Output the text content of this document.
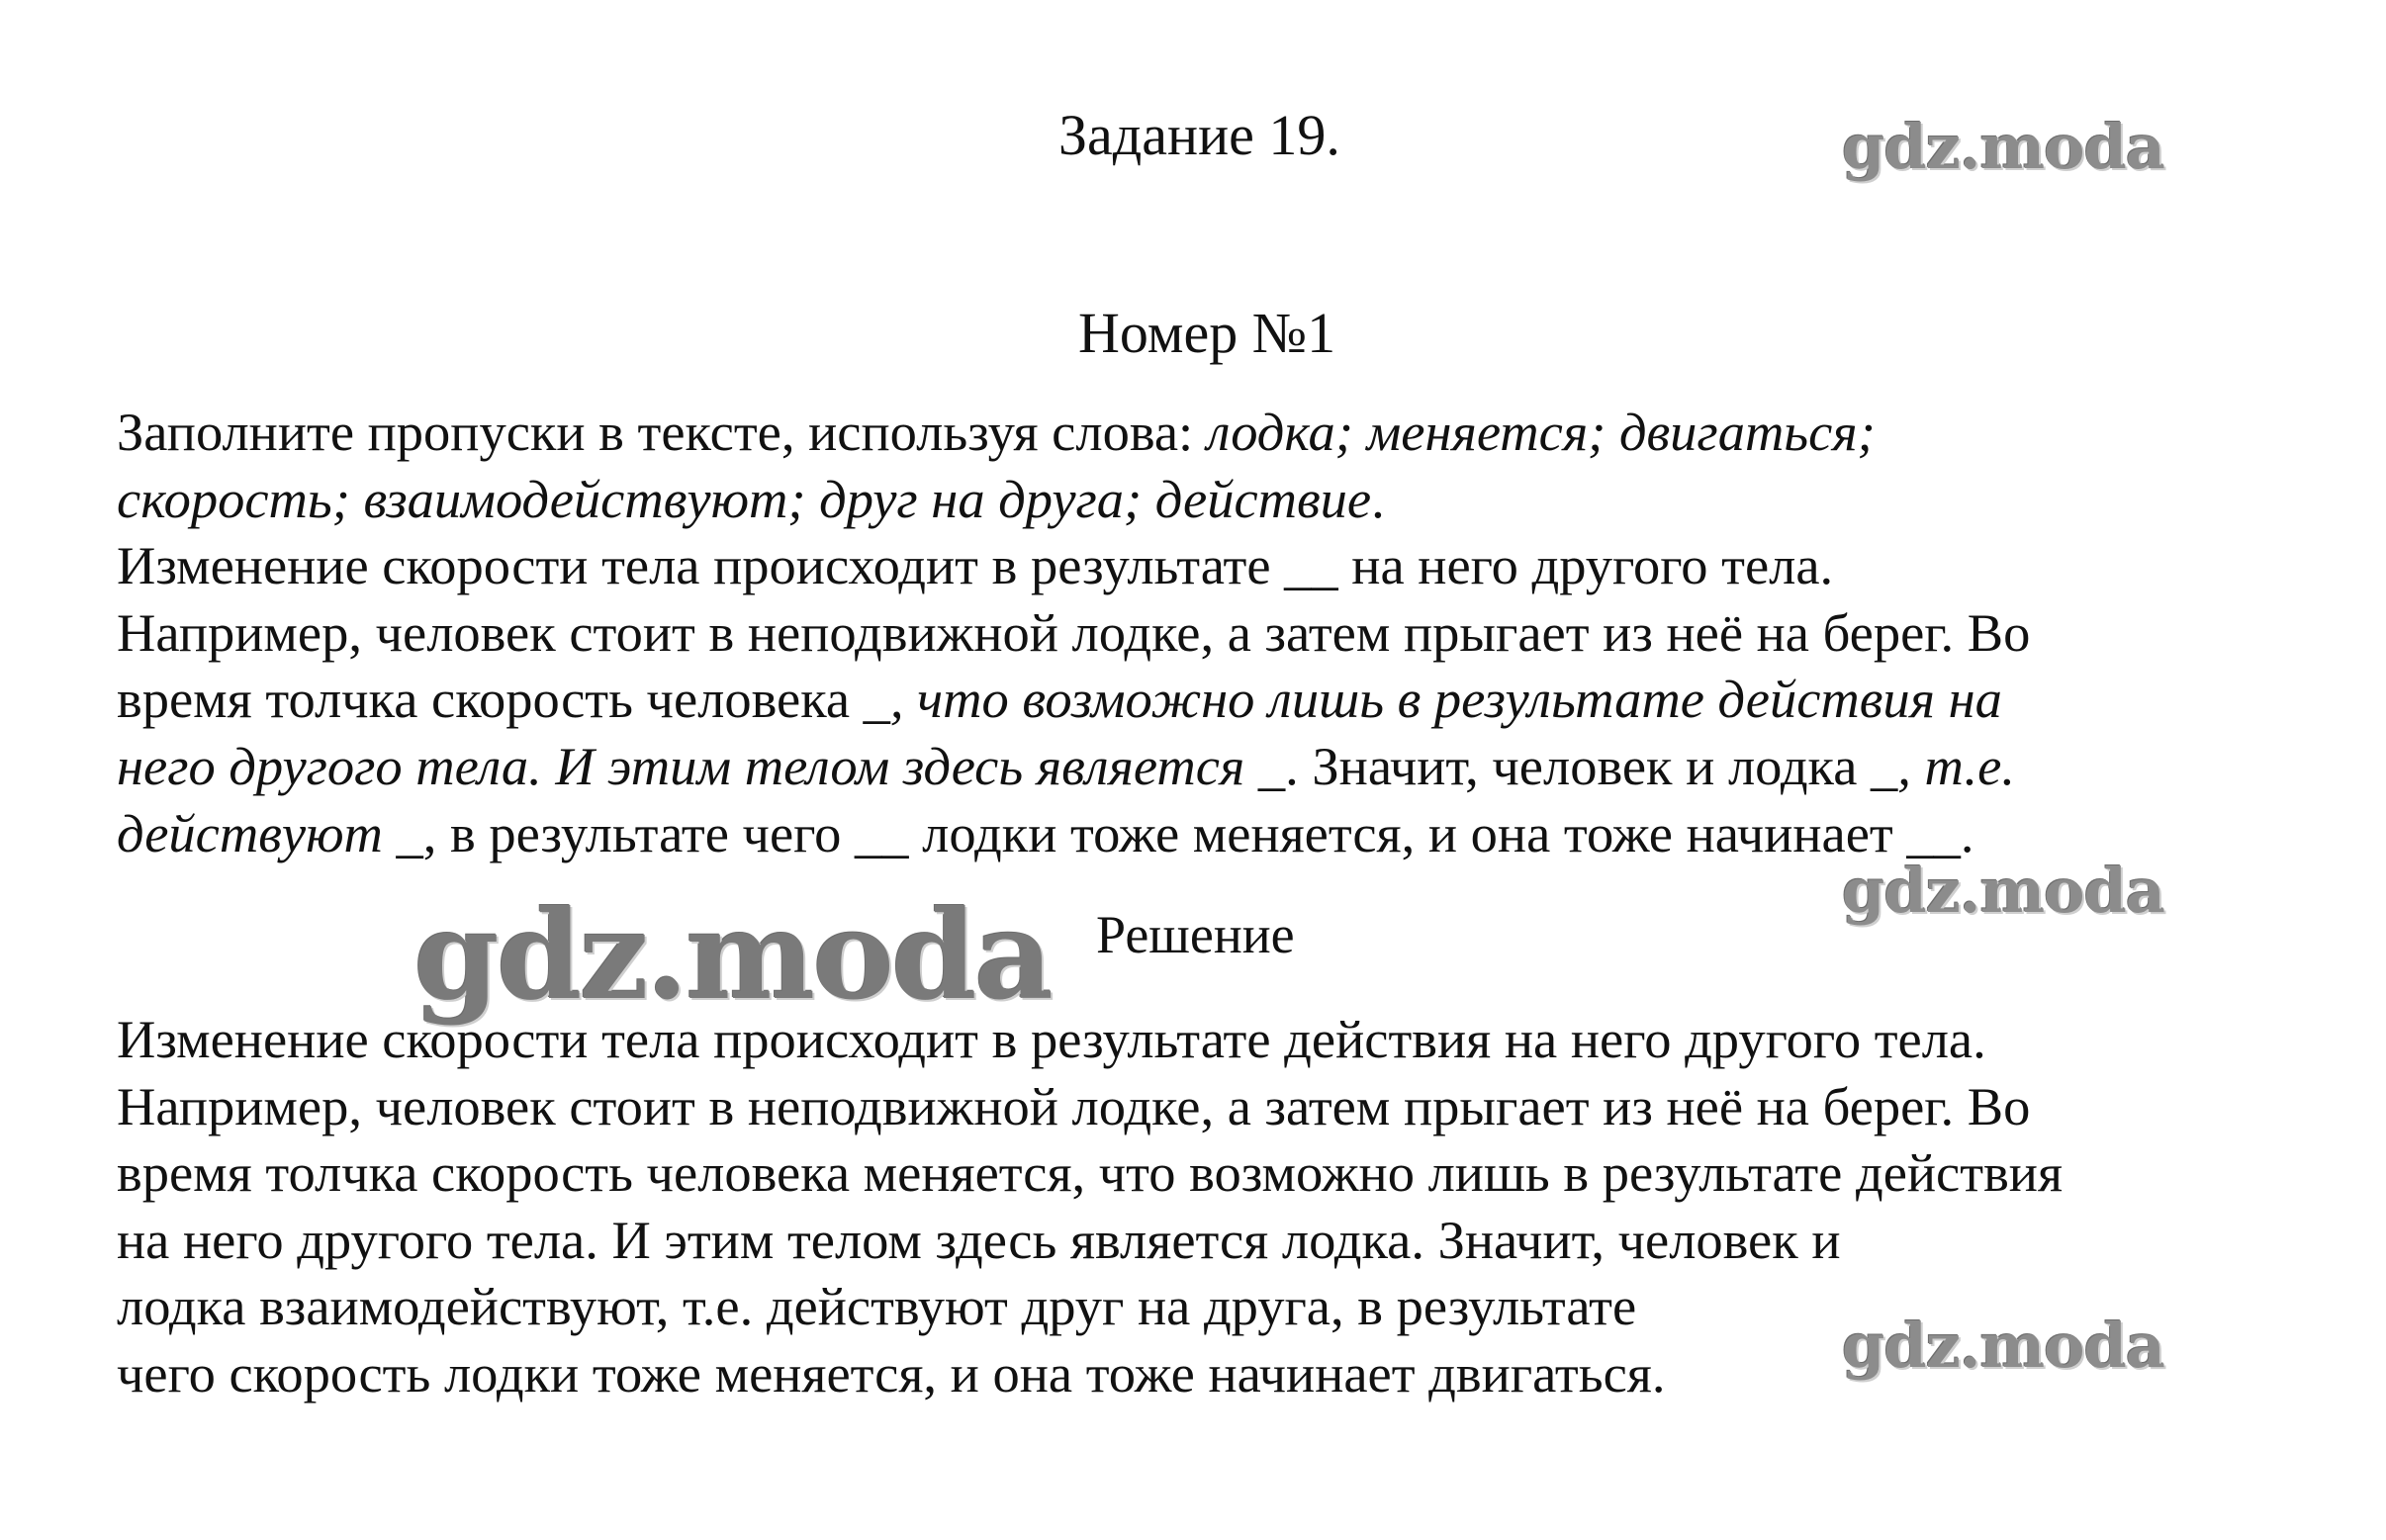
Задание 19.	gdz.moda
Номер №1
Заполните пропуски в тексте, используя слова: лодка; меняется; двигаться;
скорость; взаимодействуют; друг на друга; действие.
Изменение скорости тела происходит в результате __ на него другого тела.
Например, человек стоит в неподвижной лодке, а затем прыгает из неё на берег. Во
время толчка скорость человека _, что возможно лишь в результате действия на
него другого тела. И этим телом здесь является _. Значит, человек и лодка _, т.е.
действуют _, в результате чего __ лодки тоже меняется, и она тоже начинает __.
gdz.moda
gdz.moda Решение
Изменение скорости тела происходит в результате действия на него другого тела.
Например, человек стоит в неподвижной лодке, а затем прыгает из неё на берег. Во
время толчка скорость человека меняется, что возможно лишь в результате действия
на него другого тела. И этим телом здесь является лодка. Значит, человек и
лодка взаимодействуют, т.е. действуют друг на друга, в результате
чего скорость лодки тоже меняется, и она тоже начинает двигаться.	gdz.moda
